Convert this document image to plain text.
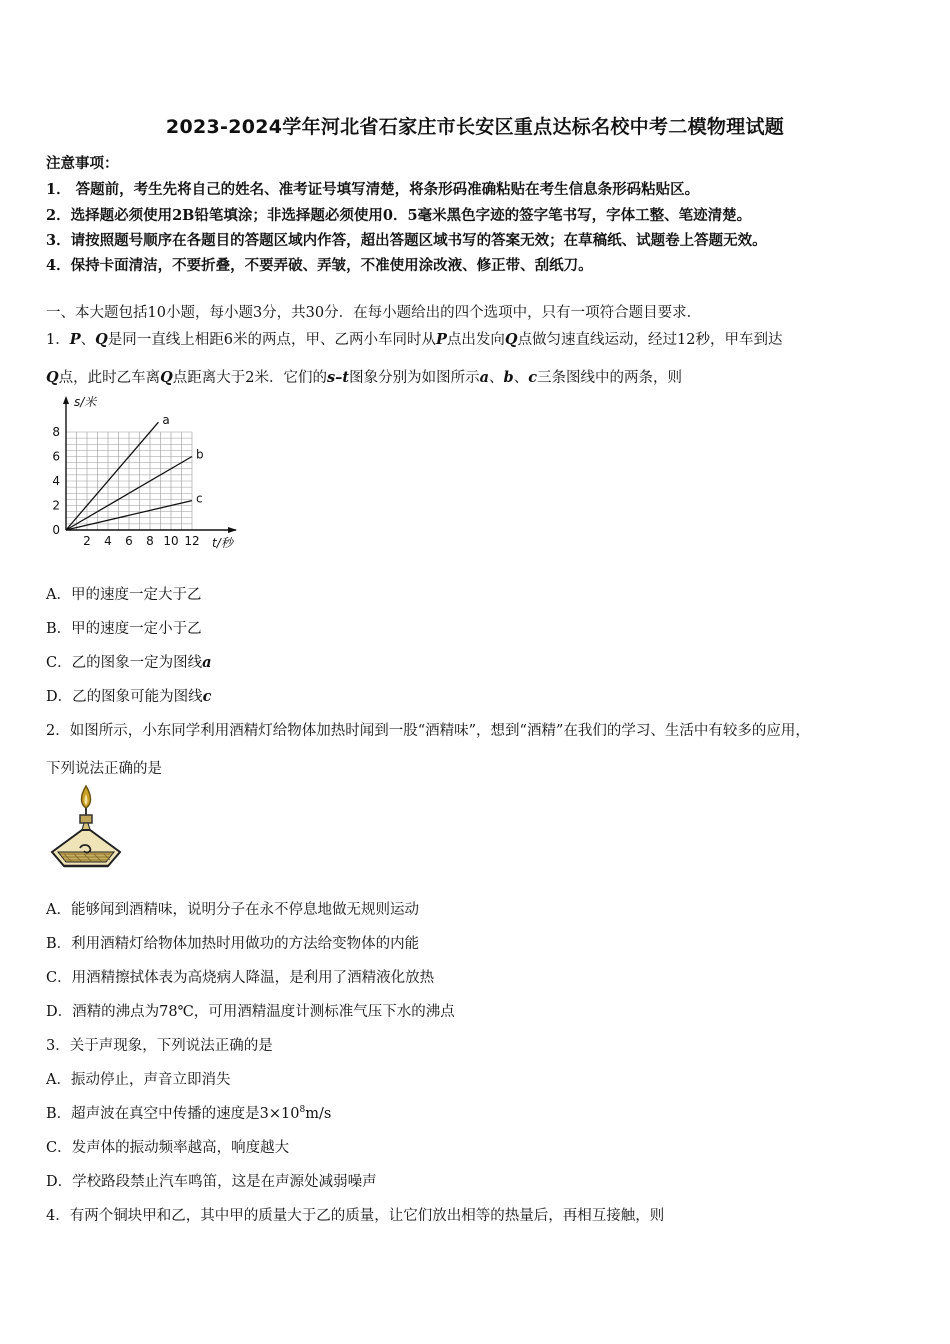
2023-2024学年河北省石家庄市长安区重点达标名校中考二模物理试题
注意事项：
1． 答题前，考生先将自己的姓名、准考证号填写清楚，将条形码准确粘贴在考生信息条形码粘贴区。
2．选择题必须使用2B铅笔填涂；非选择题必须使用0．5毫米黑色字迹的签字笔书写，字体工整、笔迹清楚。
3．请按照题号顺序在各题目的答题区域内作答，超出答题区域书写的答案无效；在草稿纸、试题卷上答题无效。
4．保持卡面清洁，不要折叠，不要弄破、弄皱，不准使用涂改液、修正带、刮纸刀。
一、本大题包括10小题，每小题3分，共30分．在每小题给出的四个选项中，只有一项符合题目要求．
1．P、Q是同一直线上相距6米的两点，甲、乙两小车同时从P点出发向Q点做匀速直线运动，经过12秒，甲车到达
Q点，此时乙车离Q点距离大于2米．它们的s–t图象分别为如图所示a、b、c三条图线中的两条，则
2 4 6 8 10 12
2
4
6
8
0
s/米
t/秒
a
b
c
A．甲的速度一定大于乙
B．甲的速度一定小于乙
C．乙的图象一定为图线a
D．乙的图象可能为图线c
2．如图所示，小东同学利用酒精灯给物体加热时闻到一股“酒精味”，想到“酒精”在我们的学习、生活中有较多的应用，
下列说法正确的是
A．能够闻到酒精味，说明分子在永不停息地做无规则运动
B．利用酒精灯给物体加热时用做功的方法给变物体的内能
C．用酒精擦拭体表为高烧病人降温，是利用了酒精液化放热
D．酒精的沸点为78℃，可用酒精温度计测标准气压下水的沸点
3．关于声现象，下列说法正确的是
A．振动停止，声音立即消失
B．超声波在真空中传播的速度是$3\times 10^8m/s$
C．发声体的振动频率越高，响度越大
D．学校路段禁止汽车鸣笛，这是在声源处减弱噪声
4．有两个铜块甲和乙，其中甲的质量大于乙的质量，让它们放出相等的热量后，再相互接触，则
